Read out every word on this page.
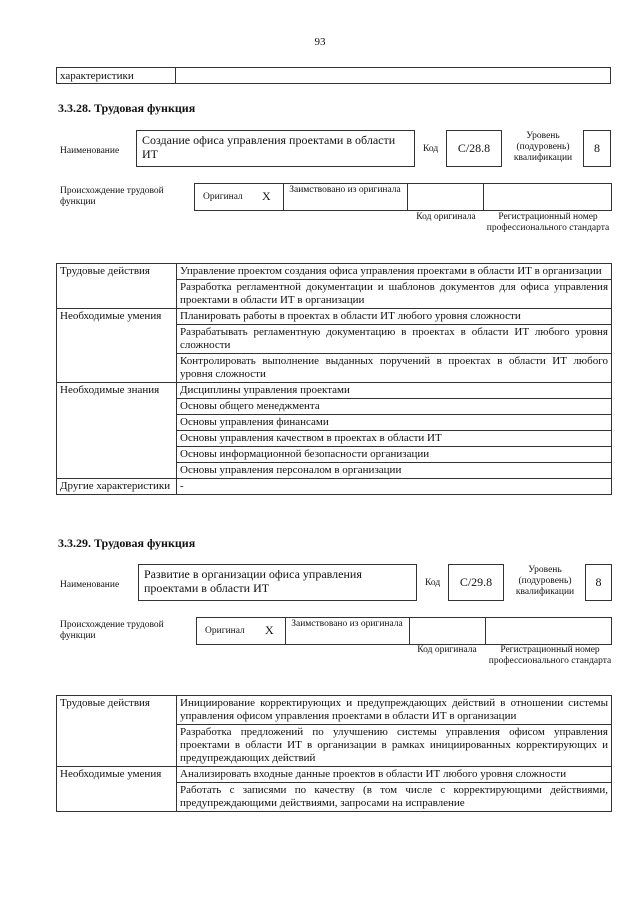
93
характеристики
3.3.28. Трудовая функция
Наименование
Создание офиса управления проектами в области ИТ	Код	С/28.8
Уровень (подуровень) квалификации
8
Происхождение трудовой функции	Оригинал X	Заимствовано из оригинала
Код оригинала	Регистрационный номер профессионального стандарта
Трудовые действия	Управление проектом создания офиса управления проектами в области ИТ в организации
	Разработка регламентной документации и шаблонов документов для офиса управления проектами в области ИТ в организации
Необходимые умения	Планировать работы в проектах в области ИТ любого уровня сложности
	Разрабатывать регламентную документацию в проектах в области ИТ любого уровня сложности
	Контролировать выполнение выданных поручений в проектах в области ИТ любого уровня сложности
Необходимые знания	Дисциплины управления проектами
	Основы общего менеджмента
	Основы управления финансами
	Основы управления качеством в проектах в области ИТ
	Основы информационной безопасности организации
	Основы управления персоналом в организации
Другие характеристики	-
3.3.29. Трудовая функция
Наименование
Развитие в организации офиса управления проектами в области ИТ	Код	С/29.8
Уровень (подуровень) квалификации
8
Происхождение трудовой функции	Оригинал X	Заимствовано из оригинала
Код оригинала	Регистрационный номер профессионального стандарта
Трудовые действия	Инициирование корректирующих и предупреждающих действий в отношении системы управления офисом управления проектами в области ИТ в организации
	Разработка предложений по улучшению системы управления офисом управления проектами в области ИТ в организации в рамках инициированных корректирующих и предупреждающих действий
Необходимые умения	Анализировать входные данные проектов в области ИТ любого уровня сложности
	Работать с записями по качеству (в том числе с корректирующими действиями, предупреждающими действиями, запросами на исправление
